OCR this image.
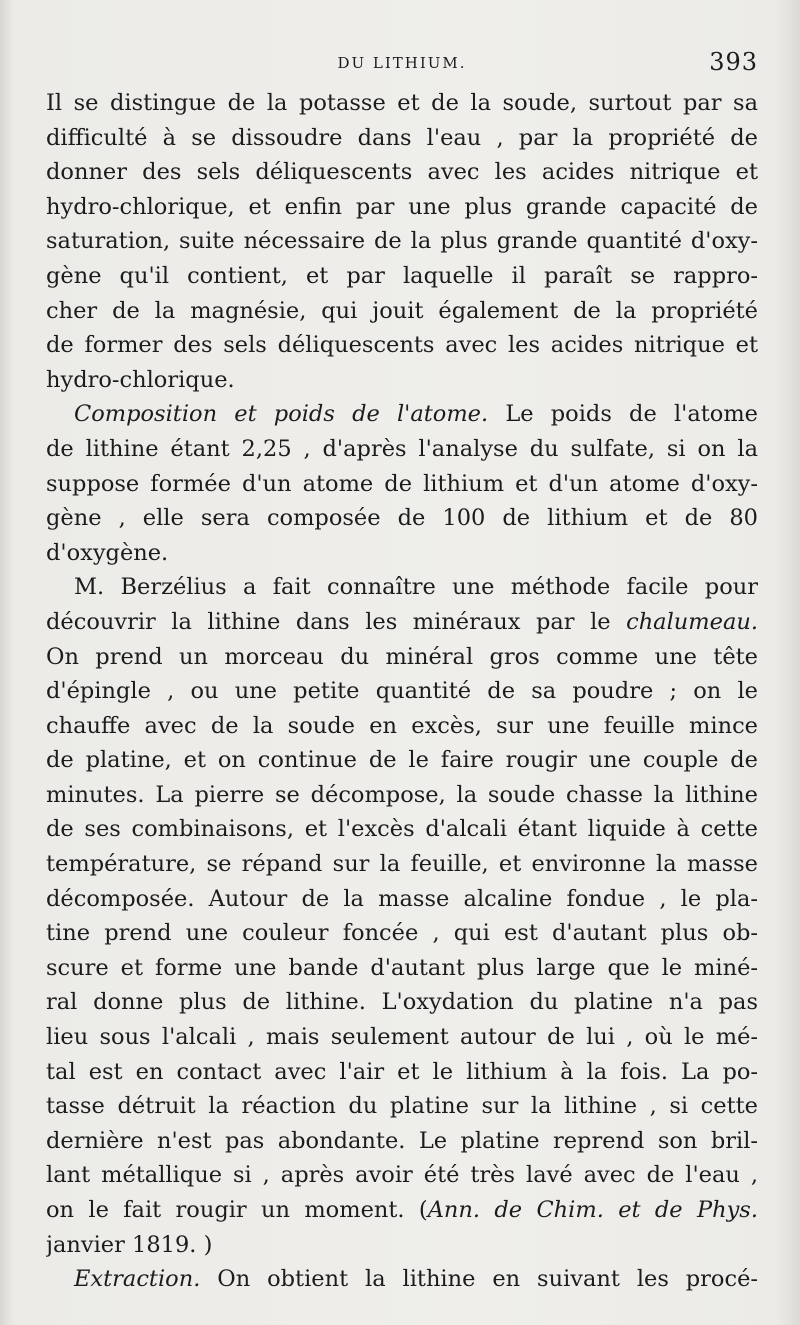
DU LITHIUM.	393
Il se distingue de la potasse et de la soude, surtout par sa
difficulté à se dissoudre dans l'eau , par la propriété de
donner des sels déliquescents avec les acides nitrique et
hydro-chlorique, et enfin par une plus grande capacité de
saturation, suite nécessaire de la plus grande quantité d'oxy-
gène qu'il contient, et par laquelle il paraît se rappro-
cher de la magnésie, qui jouit également de la propriété
de former des sels déliquescents avec les acides nitrique et
hydro-chlorique.
Composition et poids de l'atome. Le poids de l'atome
de lithine étant 2,25 , d'après l'analyse du sulfate, si on la
suppose formée d'un atome de lithium et d'un atome d'oxy-
gène , elle sera composée de 100 de lithium et de 80
d'oxygène.
M. Berzélius a fait connaître une méthode facile pour
découvrir la lithine dans les minéraux par le chalumeau.
On prend un morceau du minéral gros comme une tête
d'épingle , ou une petite quantité de sa poudre ; on le
chauffe avec de la soude en excès, sur une feuille mince
de platine, et on continue de le faire rougir une couple de
minutes. La pierre se décompose, la soude chasse la lithine
de ses combinaisons, et l'excès d'alcali étant liquide à cette
température, se répand sur la feuille, et environne la masse
décomposée. Autour de la masse alcaline fondue , le pla-
tine prend une couleur foncée , qui est d'autant plus ob-
scure et forme une bande d'autant plus large que le miné-
ral donne plus de lithine. L'oxydation du platine n'a pas
lieu sous l'alcali , mais seulement autour de lui , où le mé-
tal est en contact avec l'air et le lithium à la fois. La po-
tasse détruit la réaction du platine sur la lithine , si cette
dernière n'est pas abondante. Le platine reprend son bril-
lant métallique si , après avoir été très lavé avec de l'eau ,
on le fait rougir un moment. (Ann. de Chim. et de Phys.
janvier 1819. )
Extraction. On obtient la lithine en suivant les procé-
